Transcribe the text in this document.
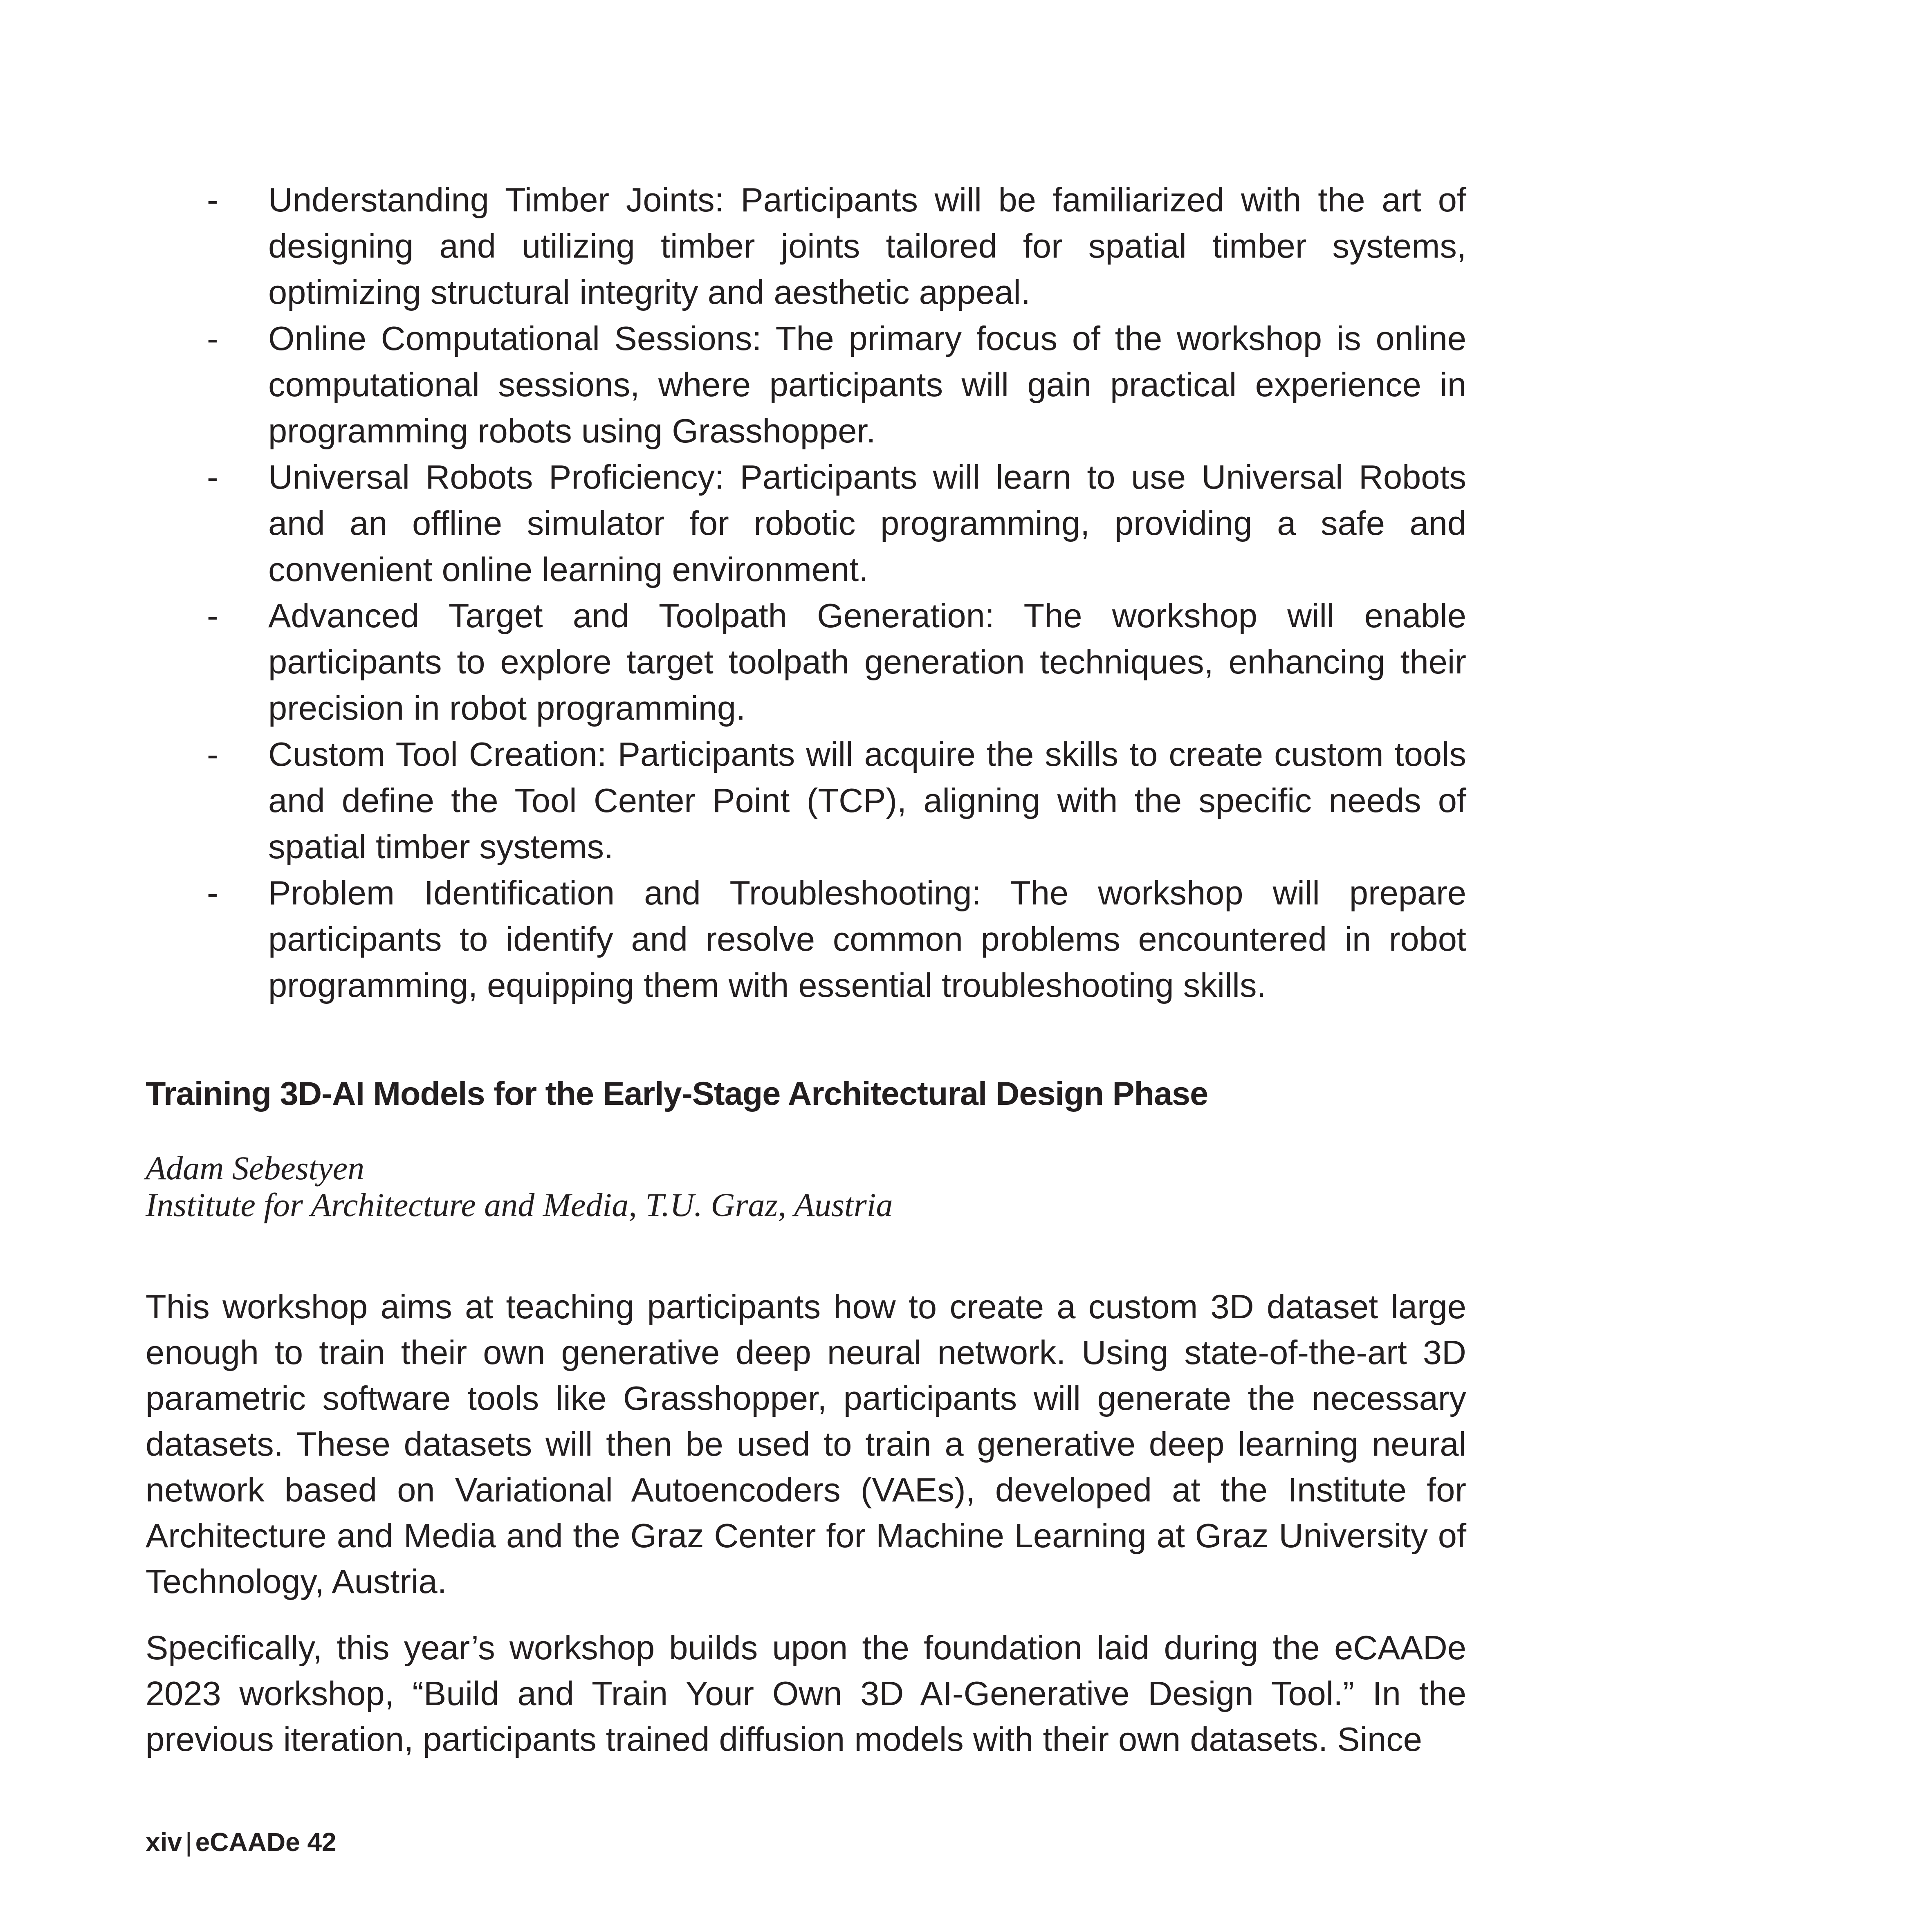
-	Understanding Timber Joints: Participants will be familiarized with the art of designing and utilizing timber joints tailored for spatial timber systems, optimizing structural integrity and aesthetic appeal.
-	Online Computational Sessions: The primary focus of the workshop is online computational sessions, where participants will gain practical experience in programming robots using Grasshopper.
-	Universal Robots Proficiency: Participants will learn to use Universal Robots and an offline simulator for robotic programming, providing a safe and convenient online learning environment.
-	Advanced Target and Toolpath Generation: The workshop will enable participants to explore target toolpath generation techniques, enhancing their precision in robot programming.
-	Custom Tool Creation: Participants will acquire the skills to create custom tools and define the Tool Center Point (TCP), aligning with the specific needs of spatial timber systems.
-	Problem Identification and Troubleshooting: The workshop will prepare participants to identify and resolve common problems encountered in robot programming, equipping them with essential troubleshooting skills.
Training 3D-AI Models for the Early-Stage Architectural Design Phase
Adam Sebestyen
Institute for Architecture and Media, T.U. Graz, Austria

This workshop aims at teaching participants how to create a custom 3D dataset large enough to train their own generative deep neural network. Using state-of-the-art 3D parametric software tools like Grasshopper, participants will generate the necessary datasets. These datasets will then be used to train a generative deep learning neural network based on Variational Autoencoders (VAEs), developed at the Institute for Architecture and Media and the Graz Center for Machine Learning at Graz University of Technology, Austria.

Specifically, this year’s workshop builds upon the foundation laid during the eCAADe 2023 workshop, “Build and Train Your Own 3D AI-Generative Design Tool.” In the previous iteration, participants trained diffusion models with their own datasets. Since

xiv | eCAADe 42
